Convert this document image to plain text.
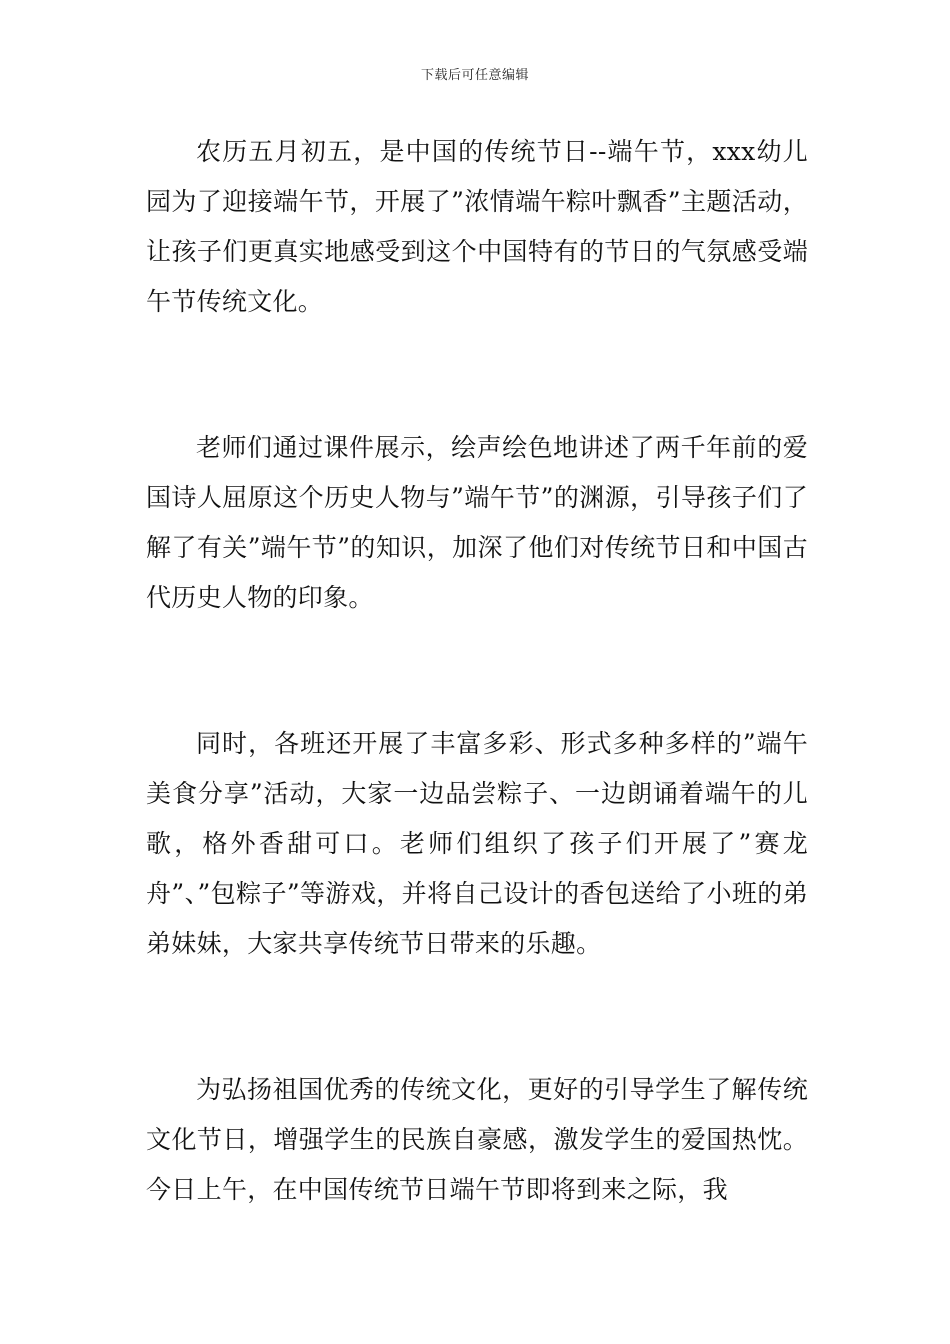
下载后可任意编辑

农历五月初五，是中国的传统节日--端午节，xxx幼儿园为了迎接端午节，开展了”浓情端午粽叶飘香”主题活动，让孩子们更真实地感受到这个中国特有的节日的气氛感受端午节传统文化。

老师们通过课件展示，绘声绘色地讲述了两千年前的爱国诗人屈原这个历史人物与”端午节”的渊源，引导孩子们了解了有关”端午节”的知识，加深了他们对传统节日和中国古代历史人物的印象。

同时，各班还开展了丰富多彩、形式多种多样的”端午美食分享”活动，大家一边品尝粽子、一边朗诵着端午的儿歌，格外香甜可口。老师们组织了孩子们开展了”赛龙舟”、”包粽子”等游戏，并将自己设计的香包送给了小班的弟弟妹妹，大家共享传统节日带来的乐趣。

为弘扬祖国优秀的传统文化，更好的引导学生了解传统文化节日，增强学生的民族自豪感，激发学生的爱国热忱。今日上午，在中国传统节日端午节即将到来之际，我
